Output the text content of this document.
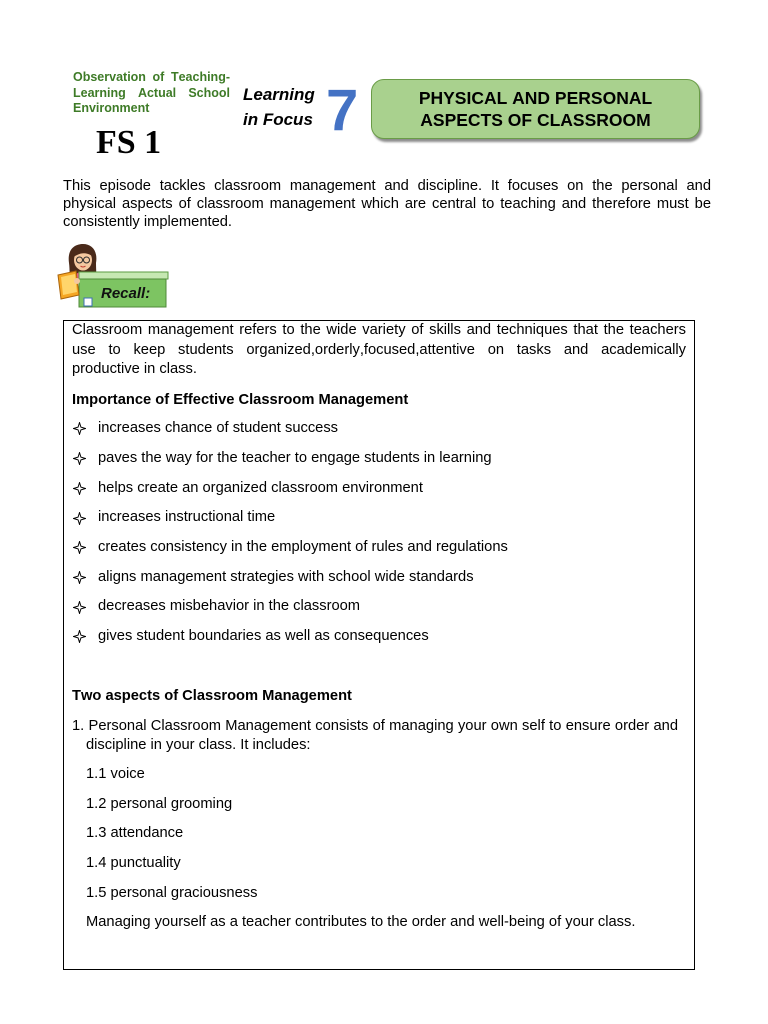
Observation of Teaching-
Learning Actual School
Environment
FS 1
Learning
in Focus 7	PHYSICAL AND PERSONAL
ASPECTS OF CLASSROOM
This episode tackles classroom management and discipline. It focuses on the personal and physical aspects of classroom management which are central to teaching and therefore must be consistently implemented.
Recall:
Classroom management refers to the wide variety of skills and techniques that the teachers use to keep students organized,orderly,focused,attentive on tasks and academically productive in class.
Importance of Effective Classroom Management
increases chance of student success
paves the way for the teacher to engage students in learning
helps create an organized classroom environment
increases instructional time
creates consistency in the employment of rules and regulations
aligns management strategies with school wide standards
decreases misbehavior in the classroom
gives student boundaries as well as consequences
Two aspects of Classroom Management
1. Personal Classroom Management consists of managing your own self to ensure order and discipline in your class. It includes:
1.1 voice
1.2 personal grooming
1.3 attendance
1.4 punctuality
1.5 personal graciousness
Managing yourself as a teacher contributes to the order and well-being of your class.
